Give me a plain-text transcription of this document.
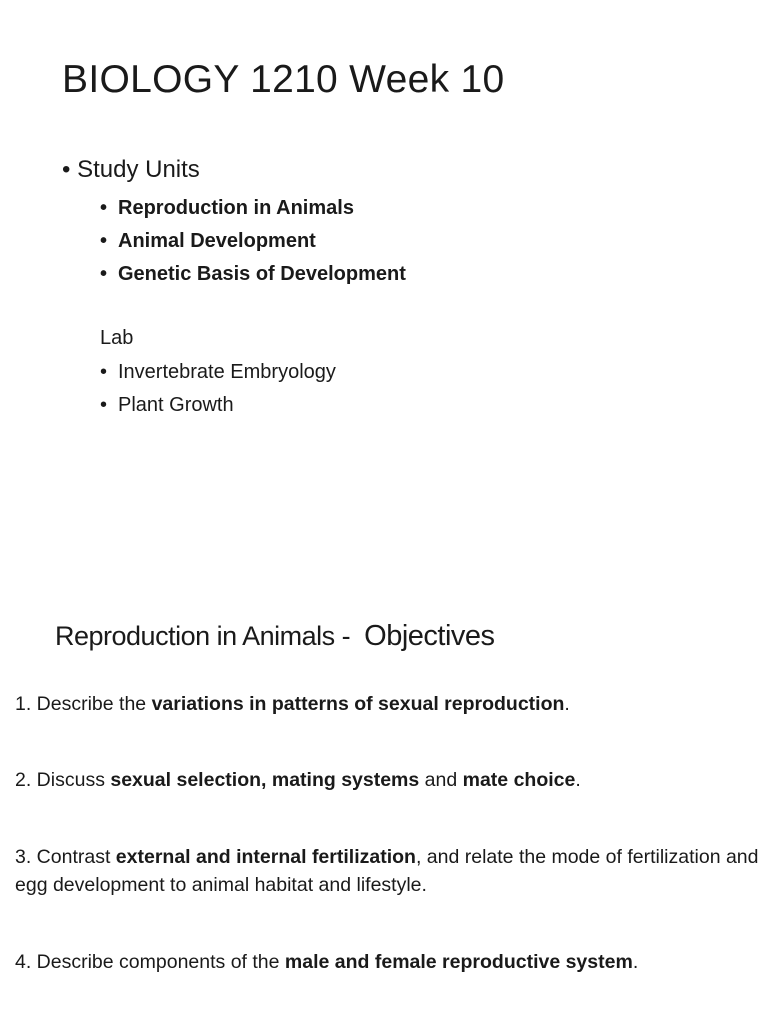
BIOLOGY 1210 Week 10
• Study Units
• Reproduction in Animals
• Animal Development
• Genetic Basis of Development
Lab
• Invertebrate Embryology
• Plant Growth
Reproduction in Animals - Objectives
1. Describe the variations in patterns of sexual reproduction.
2. Discuss sexual selection, mating systems and mate choice.
3. Contrast external and internal fertilization, and relate the mode of fertilization and egg development to animal habitat and lifestyle.
4. Describe components of the male and female reproductive system.
